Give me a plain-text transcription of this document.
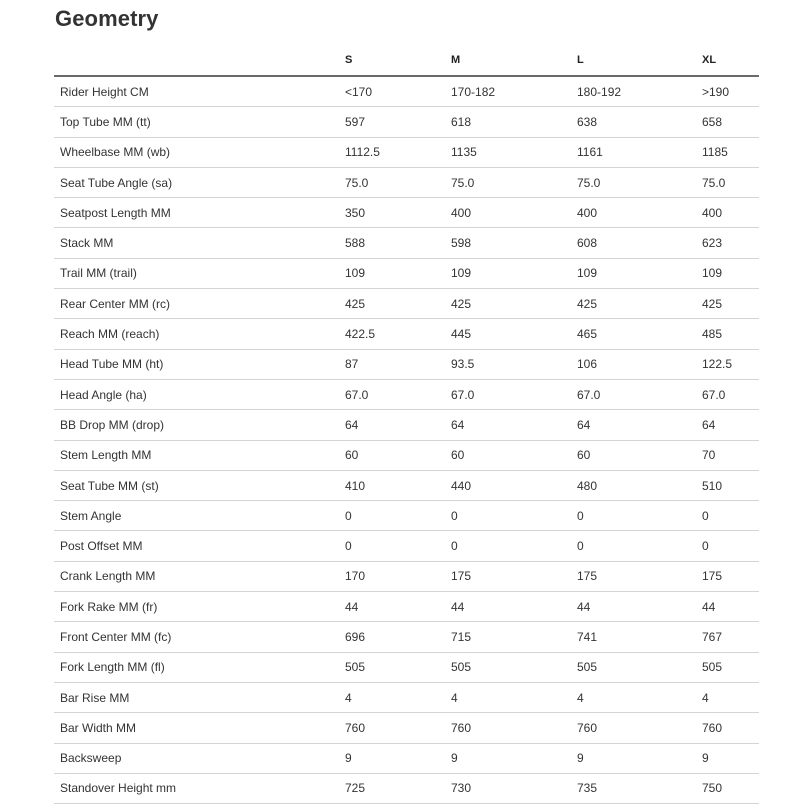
Geometry
	S	M	L	XL
Rider Height CM	<170	170-182	180-192	>190
Top Tube MM (tt)	597	618	638	658
Wheelbase MM (wb)	1112.5	1135	1161	1185
Seat Tube Angle (sa)	75.0	75.0	75.0	75.0
Seatpost Length MM	350	400	400	400
Stack MM	588	598	608	623
Trail MM (trail)	109	109	109	109
Rear Center MM (rc)	425	425	425	425
Reach MM (reach)	422.5	445	465	485
Head Tube MM (ht)	87	93.5	106	122.5
Head Angle (ha)	67.0	67.0	67.0	67.0
BB Drop MM (drop)	64	64	64	64
Stem Length MM	60	60	60	70
Seat Tube MM (st)	410	440	480	510
Stem Angle	0	0	0	0
Post Offset MM	0	0	0	0
Crank Length MM	170	175	175	175
Fork Rake MM (fr)	44	44	44	44
Front Center MM (fc)	696	715	741	767
Fork Length MM (fl)	505	505	505	505
Bar Rise MM	4	4	4	4
Bar Width MM	760	760	760	760
Backsweep	9	9	9	9
Standover Height mm	725	730	735	750
